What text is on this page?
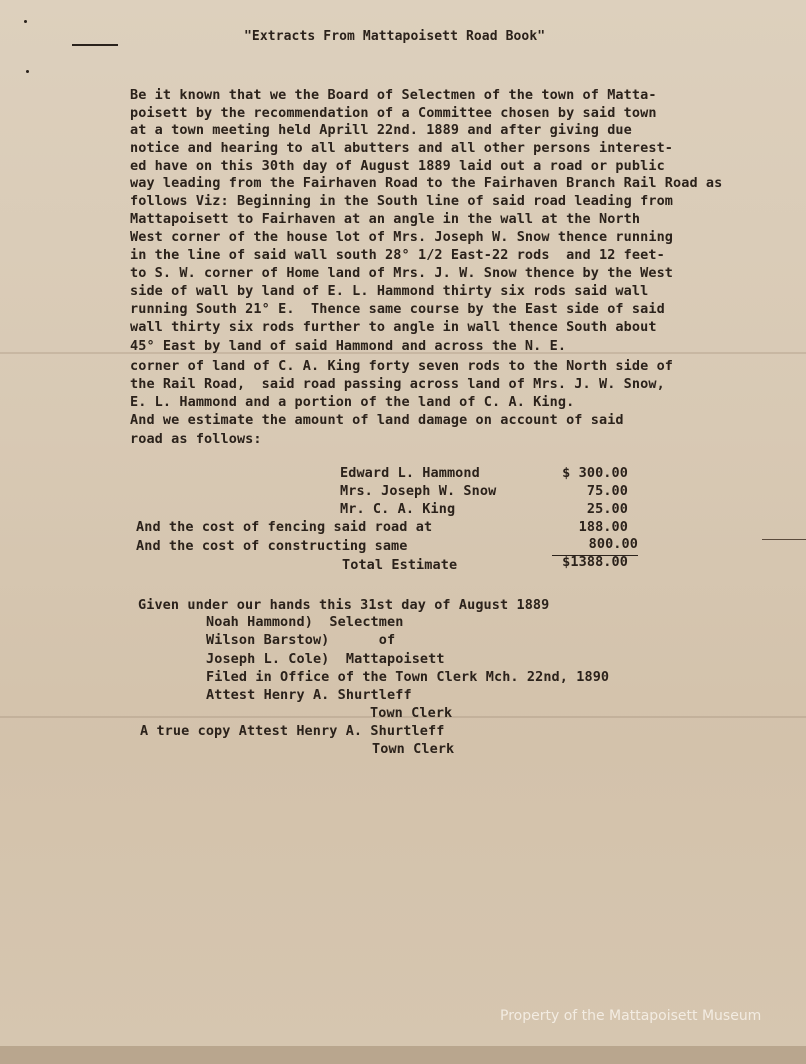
"Extracts From Mattapoisett Road Book"
Be it known that we the Board of Selectmen of the town of Matta-
poisett by the recommendation of a Committee chosen by said town
at a town meeting held Aprill 22nd. 1889 and after giving due
notice and hearing to all abutters and all other persons interest-
ed have on this 30th day of August 1889 laid out a road or public
way leading from the Fairhaven Road to the Fairhaven Branch Rail Road as
follows Viz: Beginning in the South line of said road leading from
Mattapoisett to Fairhaven at an angle in the wall at the North
West corner of the house lot of Mrs. Joseph W. Snow thence running
in the line of said wall south 28° 1/2 East-22 rods  and 12 feet-
to S. W. corner of Home land of Mrs. J. W. Snow thence by the West
side of wall by land of E. L. Hammond thirty six rods said wall
running South 21° E.  Thence same course by the East side of said
wall thirty six rods further to angle in wall thence South about
45° East by land of said Hammond and across the N. E.
corner of land of C. A. King forty seven rods to the North side of
the Rail Road,  said road passing across land of Mrs. J. W. Snow,
E. L. Hammond and a portion of the land of C. A. King.
And we estimate the amount of land damage on account of said
road as follows:
Edward L. Hammond	$ 300.00
Mrs. Joseph W. Snow	75.00
Mr. C. A. King	25.00
And the cost of fencing said road at	188.00
And the cost of constructing same	800.00
Total Estimate	$1388.00
Given under our hands this 31st day of August 1889
Noah Hammond)  Selectmen
Wilson Barstow)      of
Joseph L. Cole)  Mattapoisett
Filed in Office of the Town Clerk Mch. 22nd, 1890
Attest Henry A. Shurtleff
Town Clerk
A true copy Attest Henry A. Shurtleff
Town Clerk
Property of the Mattapoisett Museum
